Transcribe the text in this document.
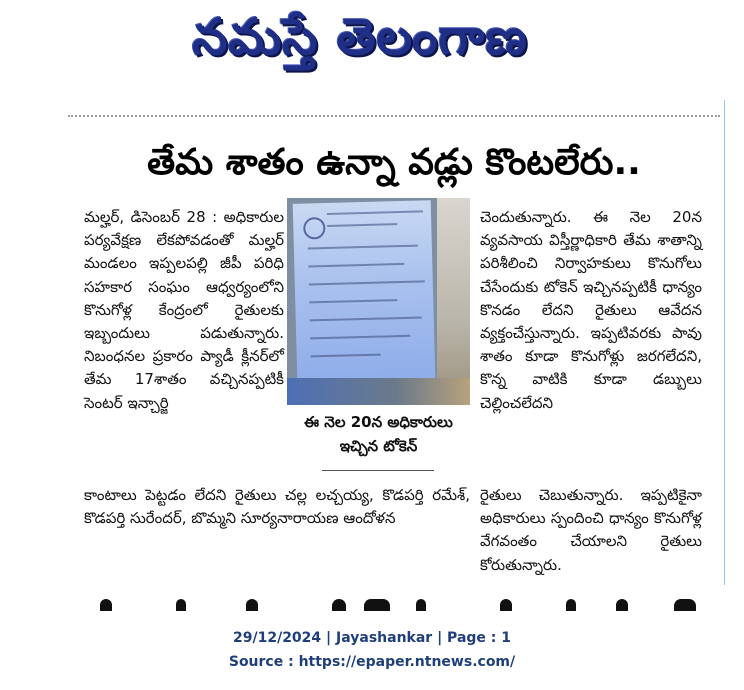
నమస్తే తెలంగాణ
తేమ శాతం ఉన్నా వడ్లు కొంటలేరు..

మల్హర్, డిసెంబర్ 28 : అధికారుల పర్యవేక్షణ లేకపోవడంతో మల్హర్ మండలం ఇప్పలపల్లి జీపీ పరిధి సహకార సంఘం ఆధ్వర్యంలోని కొనుగోళ్ల కేంద్రంలో రైతులకు ఇబ్బందులు పడుతున్నారు. నిబంధనల ప్రకారం ప్యాడీ క్లీనర్‌లో తేమ 17శాతం వచ్చినప్పటికీ సెంటర్ ఇన్చార్జి

ఈ నెల 20న అధికారులు
ఇచ్చిన టోకెన్

కాంటాలు పెట్టడం లేదని రైతులు చల్ల లచ్చయ్య, కొడపర్తి రమేశ్, కొడపర్తి సురేందర్, బొమ్మని సూర్యనారాయణ ఆందోళన

చెందుతున్నారు. ఈ నెల 20న వ్యవసాయ విస్తీర్ణాధికారి తేమ శాతాన్ని పరిశీలించి నిర్వాహకులు కొనుగోలు చేసేందుకు టోకెన్ ఇచ్చినప్పటికీ ధాన్యం కొనడం లేదని రైతులు ఆవేదన వ్యక్తంచేస్తున్నారు. ఇప్పటివరకు పావు శాతం కూడా కొనుగోళ్లు జరగలేదని, కొన్న వాటికి కూడా డబ్బులు చెల్లించలేదని

రైతులు చెబుతున్నారు. ఇప్పటికైనా అధికారులు స్పందించి ధాన్యం కొనుగోళ్ల వేగవంతం చేయాలని రైతులు కోరుతున్నారు.

29/12/2024 | Jayashankar | Page : 1
Source : https://epaper.ntnews.com/
